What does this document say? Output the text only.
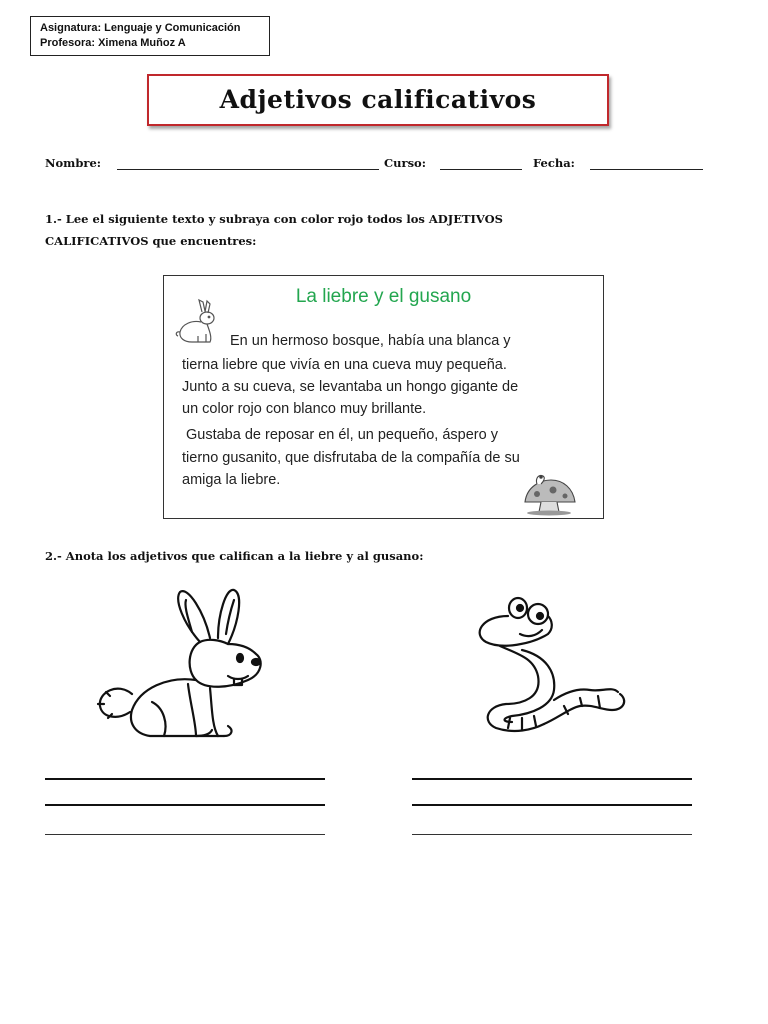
Asignatura: Lenguaje y Comunicación
Profesora: Ximena Muñoz A
Adjetivos calificativos
Nombre:	Curso:	Fecha:
1.- Lee el siguiente texto y subraya con color rojo todos los ADJETIVOS
CALIFICATIVOS que encuentres:
La liebre y el gusano
En un hermoso bosque, había una blanca y
tierna liebre que vivía en una cueva muy pequeña.
Junto a su cueva, se levantaba un hongo gigante de
un color rojo con blanco muy brillante.
Gustaba de reposar en él, un pequeño, áspero y
tierno gusanito, que disfrutaba de la compañía de su
amiga la liebre.
2.- Anota los adjetivos que califican a la liebre y al gusano:
